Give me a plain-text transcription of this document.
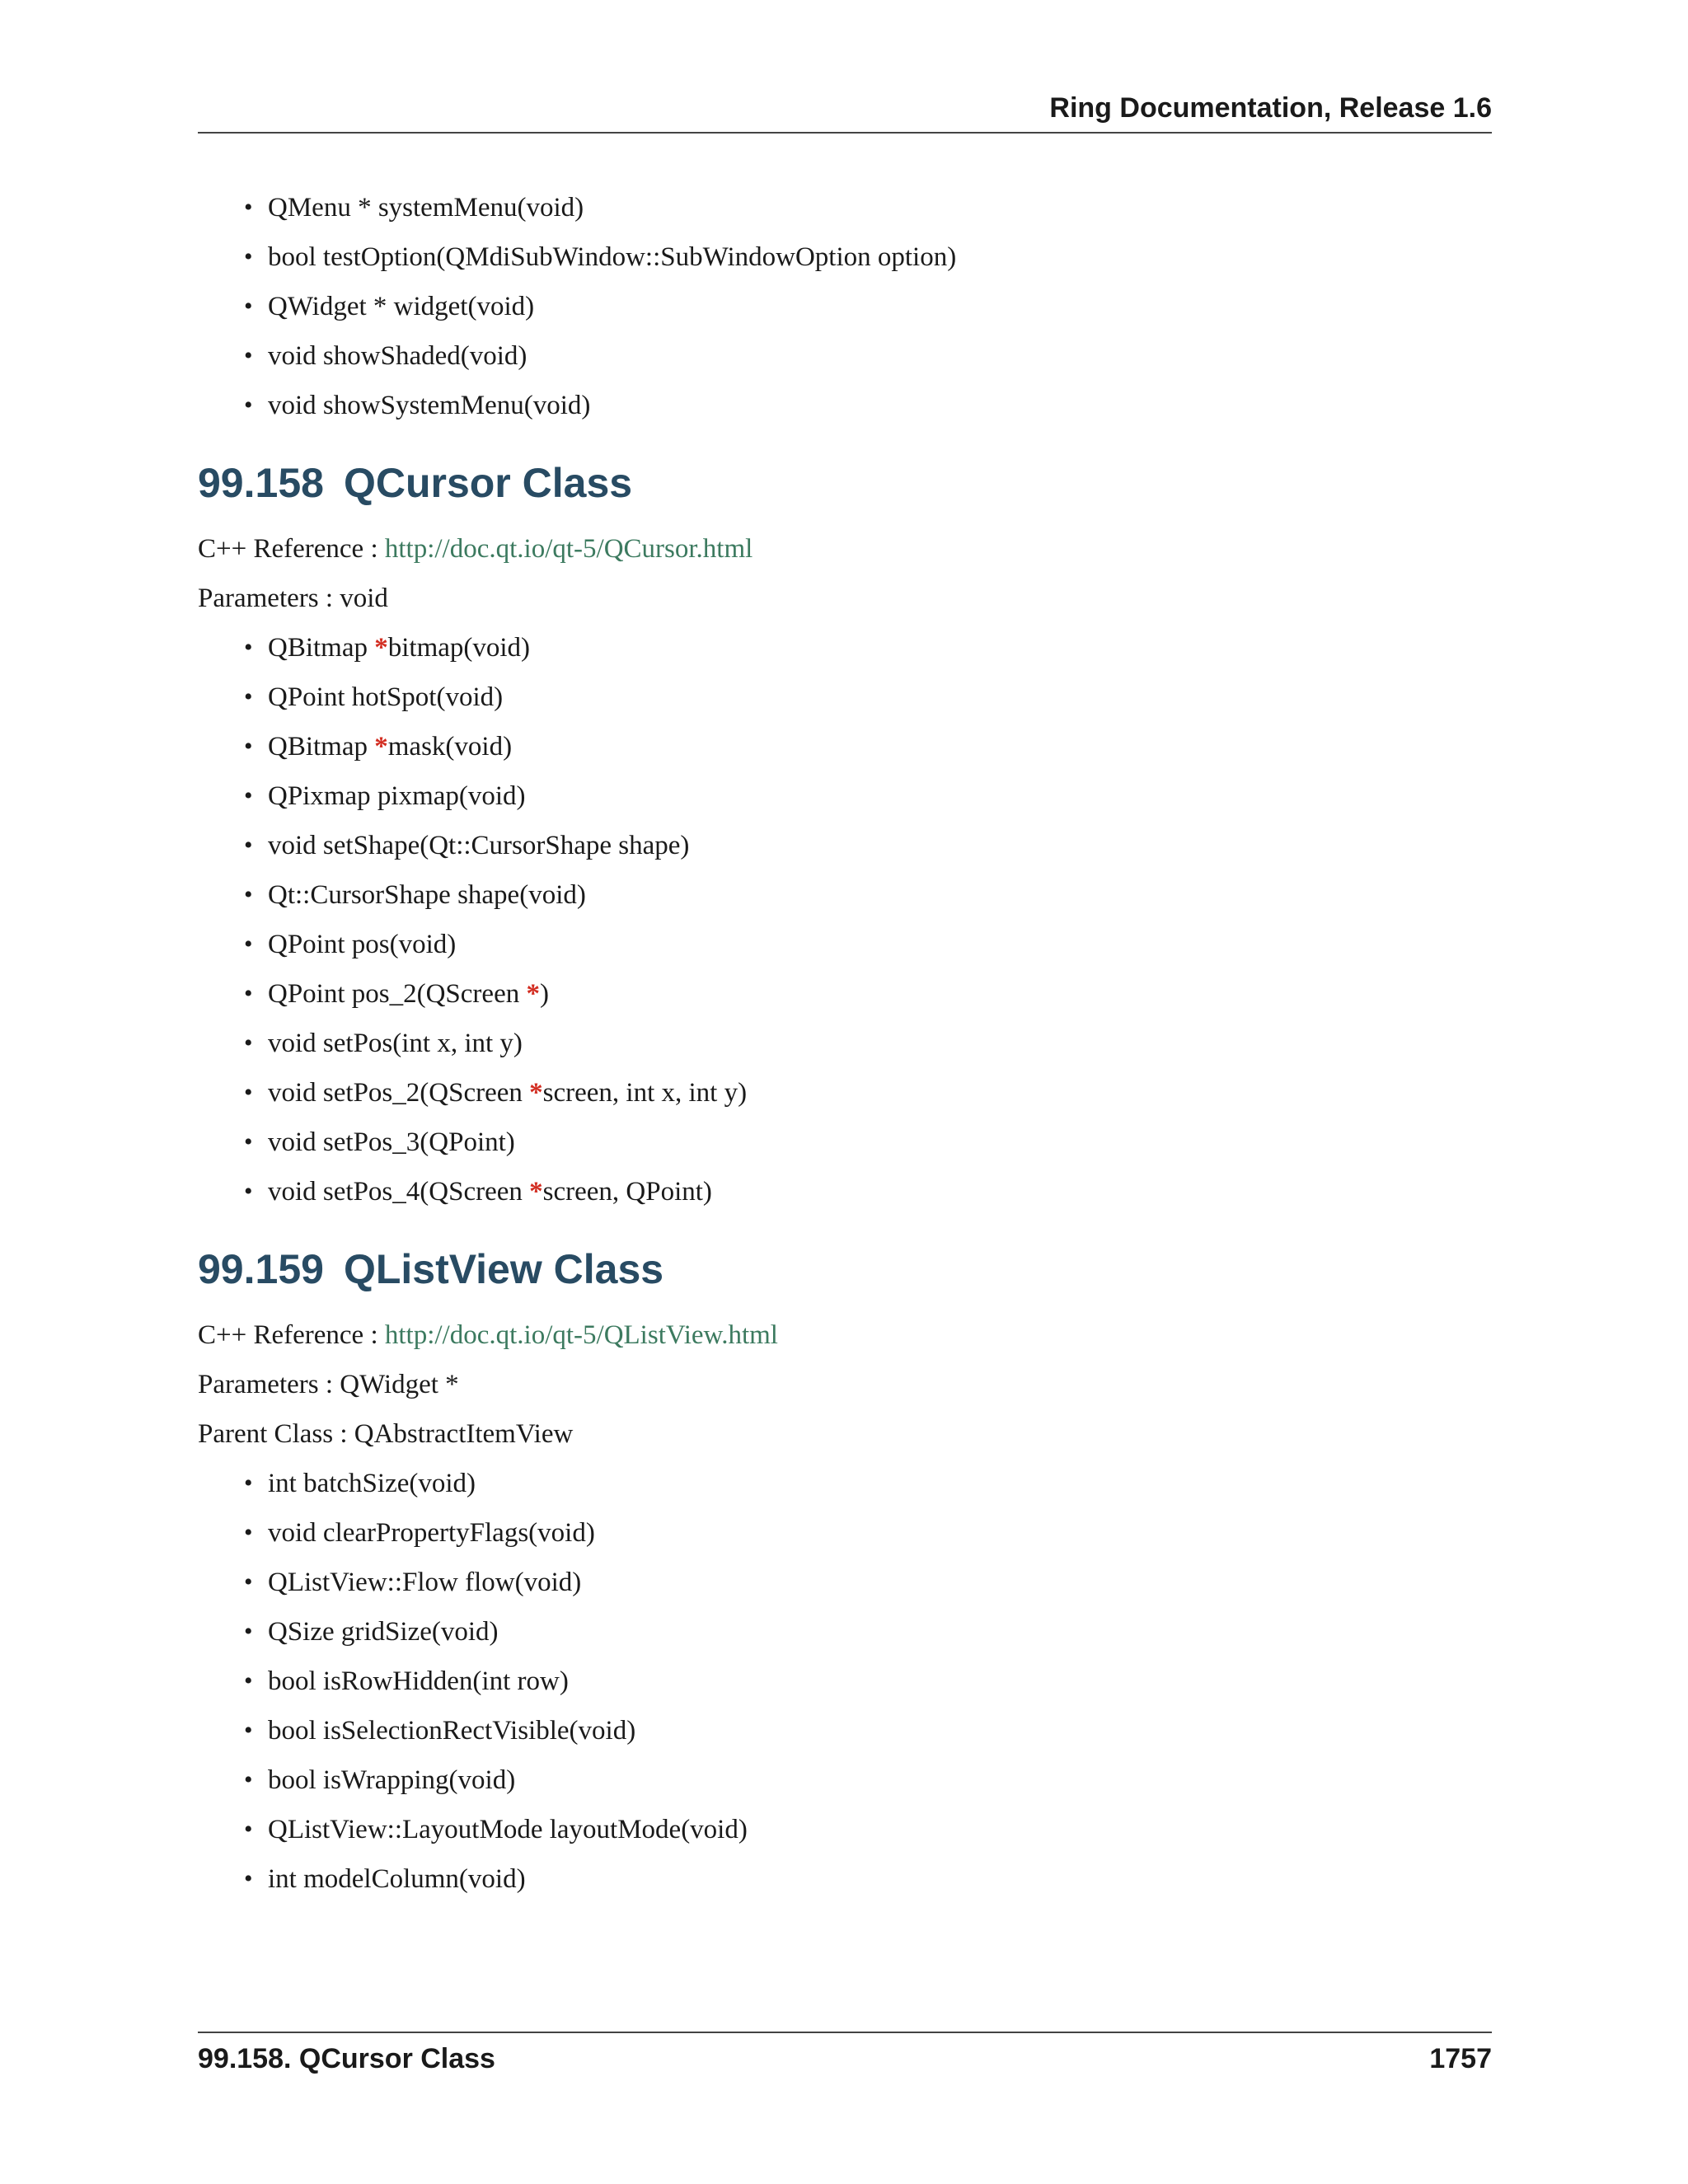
Ring Documentation, Release 1.6
• QMenu * systemMenu(void)
• bool testOption(QMdiSubWindow::SubWindowOption option)
• QWidget * widget(void)
• void showShaded(void)
• void showSystemMenu(void)
99.158 QCursor Class

C++ Reference : http://doc.qt.io/qt-5/QCursor.html

Parameters : void

• QBitmap *bitmap(void)
• QPoint hotSpot(void)
• QBitmap *mask(void)
• QPixmap pixmap(void)
• void setShape(Qt::CursorShape shape)
• Qt::CursorShape shape(void)
• QPoint pos(void)
• QPoint pos_2(QScreen *)
• void setPos(int x, int y)
• void setPos_2(QScreen *screen, int x, int y)
• void setPos_3(QPoint)
• void setPos_4(QScreen *screen, QPoint)
99.159 QListView Class

C++ Reference : http://doc.qt.io/qt-5/QListView.html

Parameters : QWidget *

Parent Class : QAbstractItemView

• int batchSize(void)
• void clearPropertyFlags(void)
• QListView::Flow flow(void)
• QSize gridSize(void)
• bool isRowHidden(int row)
• bool isSelectionRectVisible(void)
• bool isWrapping(void)
• QListView::LayoutMode layoutMode(void)
• int modelColumn(void)
99.158. QCursor Class	1757
